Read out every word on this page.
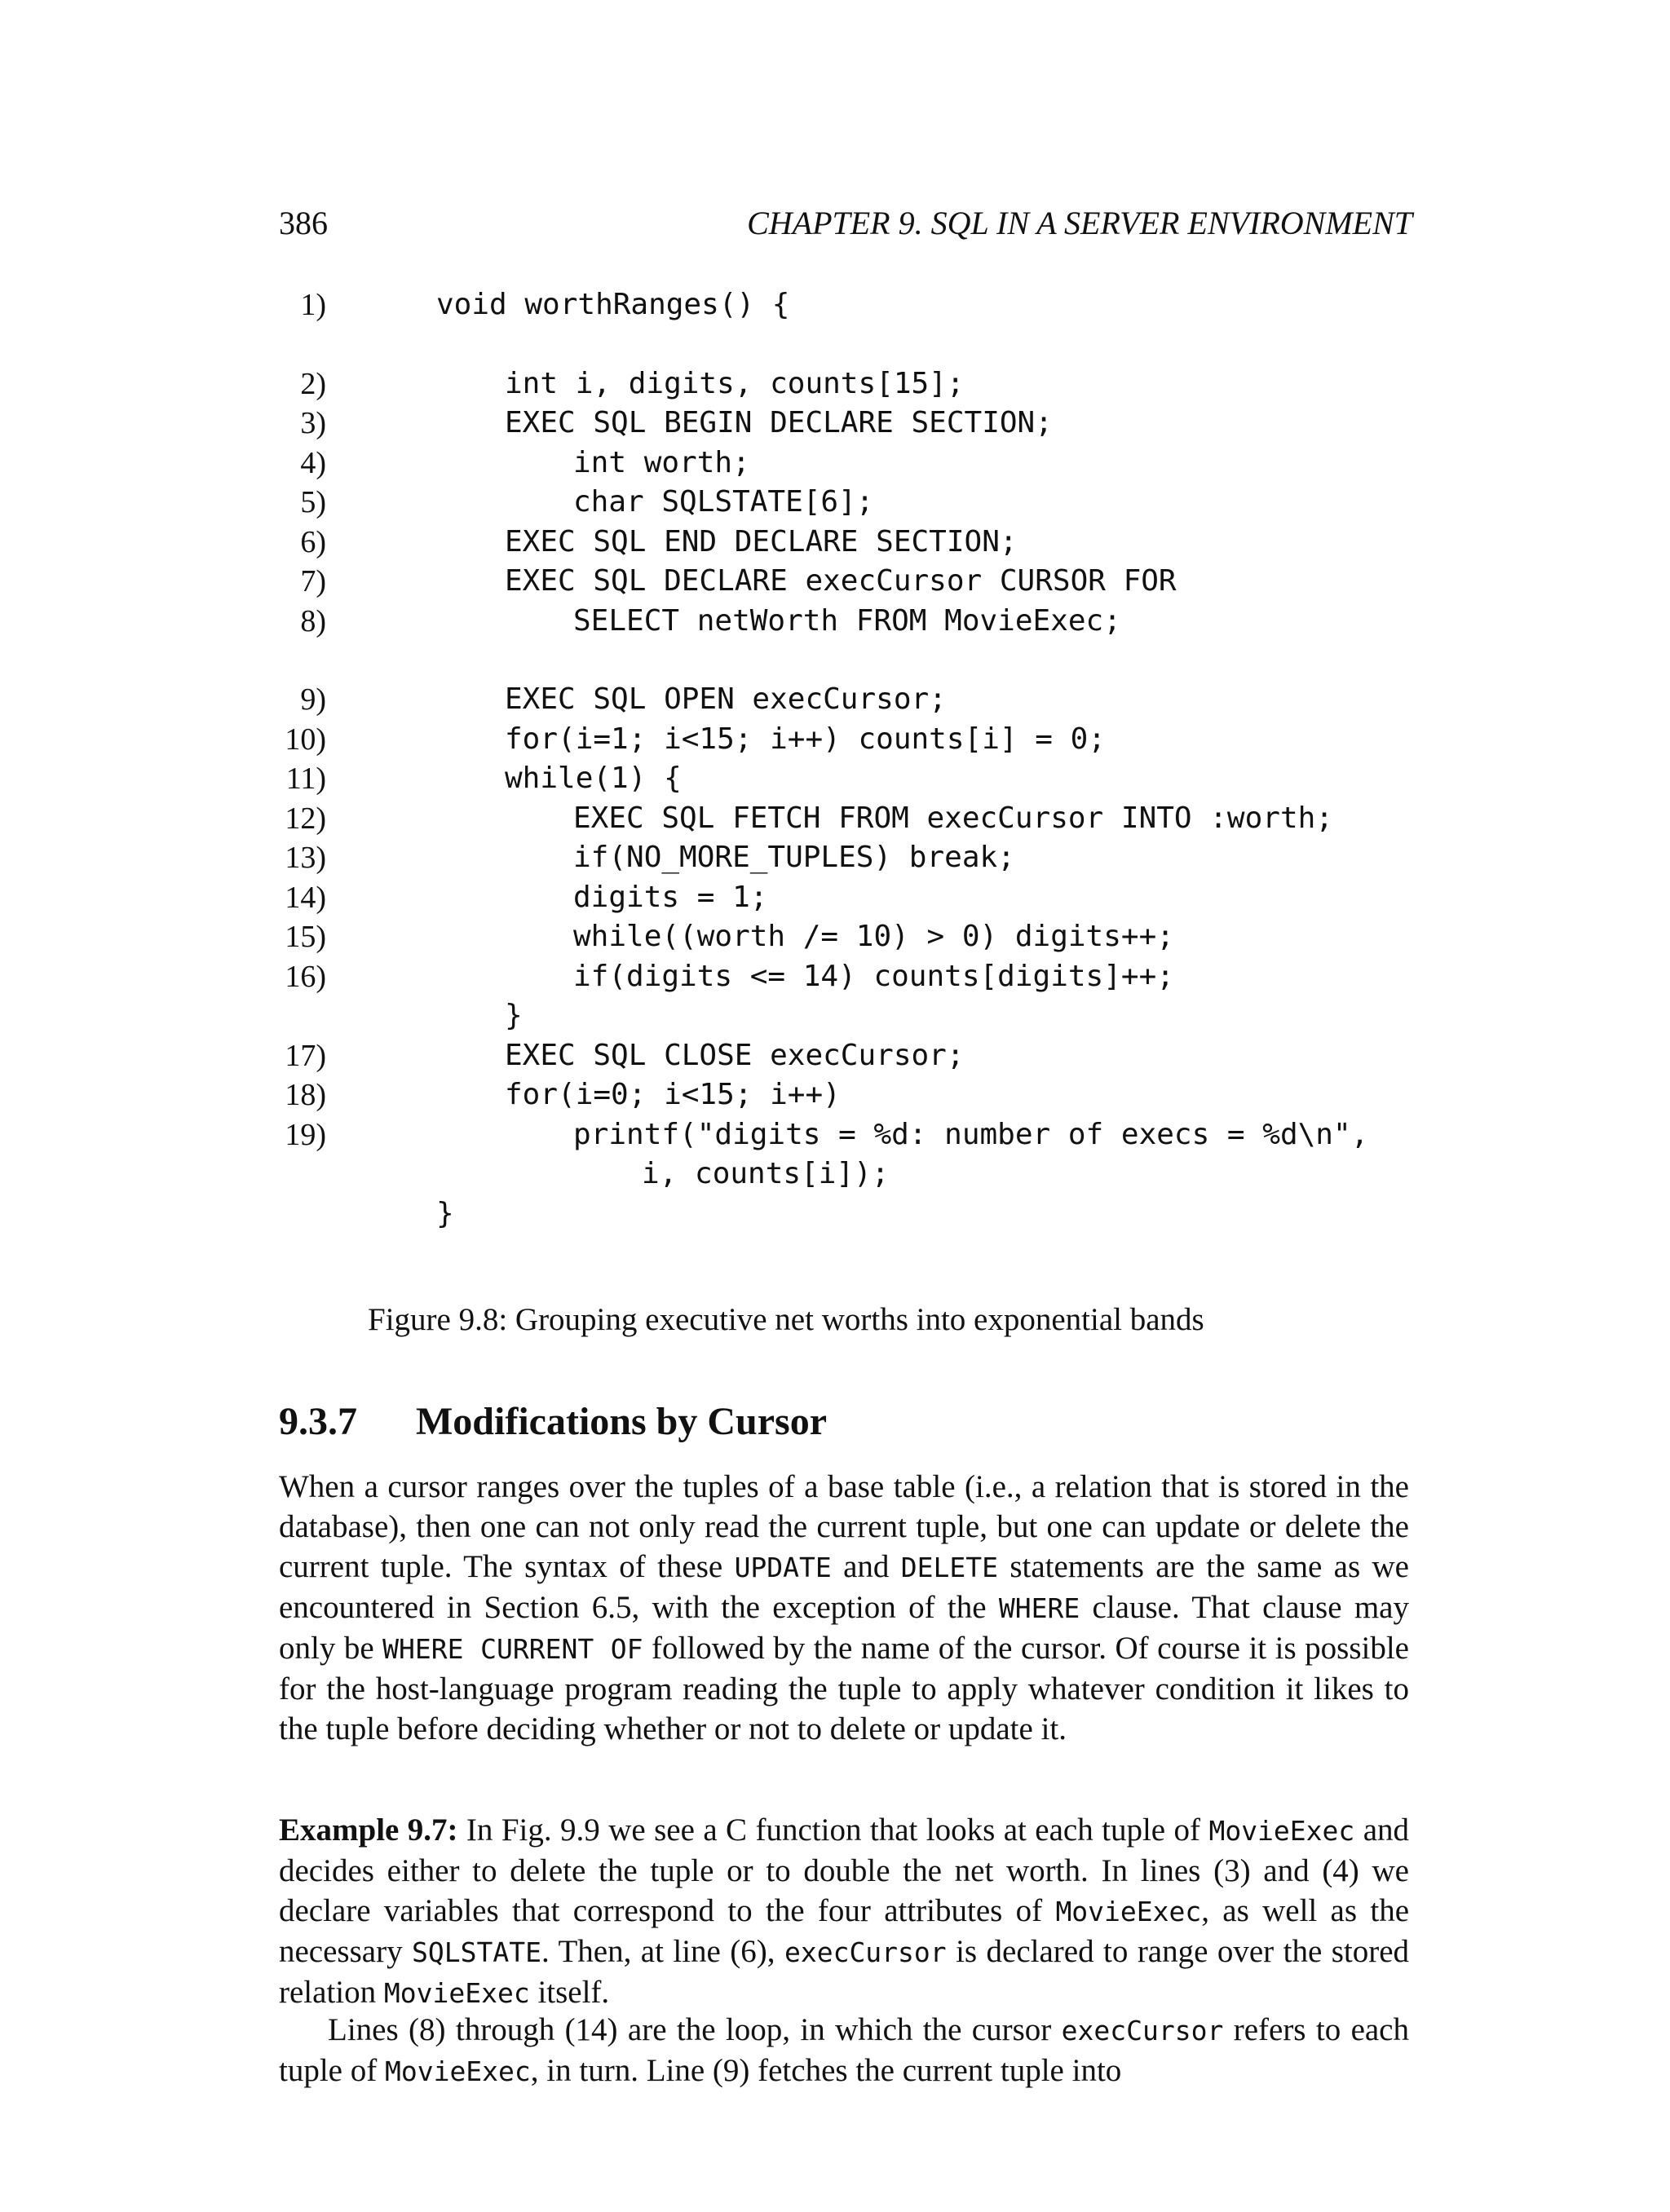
386	CHAPTER 9. SQL IN A SERVER ENVIRONMENT
1)	void worthRanges() {
2)	int i, digits, counts[15];
3)	EXEC SQL BEGIN DECLARE SECTION;
4)	int worth;
5)	char SQLSTATE[6];
6)	EXEC SQL END DECLARE SECTION;
7)	EXEC SQL DECLARE execCursor CURSOR FOR
8)	SELECT netWorth FROM MovieExec;
9)	EXEC SQL OPEN execCursor;
10)	for(i=1; i<15; i++) counts[i] = 0;
11)	while(1) {
12)	EXEC SQL FETCH FROM execCursor INTO :worth;
13)	if(NO_MORE_TUPLES) break;
14)	digits = 1;
15)	while((worth /= 10) > 0) digits++;
16)	if(digits <= 14) counts[digits]++;
}
17)	EXEC SQL CLOSE execCursor;
18)	for(i=0; i<15; i++)
19)	printf("digits = %d: number of execs = %d\n",
i, counts[i]);
}
Figure 9.8: Grouping executive net worths into exponential bands
9.3.7 Modifications by Cursor

When a cursor ranges over the tuples of a base table (i.e., a relation that is stored in the database), then one can not only read the current tuple, but one can update or delete the current tuple. The syntax of these UPDATE and DELETE statements are the same as we encountered in Section 6.5, with the exception of the WHERE clause. That clause may only be WHERE CURRENT OF followed by the name of the cursor. Of course it is possible for the host-language program reading the tuple to apply whatever condition it likes to the tuple before deciding whether or not to delete or update it.

Example 9.7: In Fig. 9.9 we see a C function that looks at each tuple of MovieExec and decides either to delete the tuple or to double the net worth. In lines (3) and (4) we declare variables that correspond to the four attributes of MovieExec, as well as the necessary SQLSTATE. Then, at line (6), execCursor is declared to range over the stored relation MovieExec itself.

Lines (8) through (14) are the loop, in which the cursor execCursor refers to each tuple of MovieExec, in turn. Line (9) fetches the current tuple into
